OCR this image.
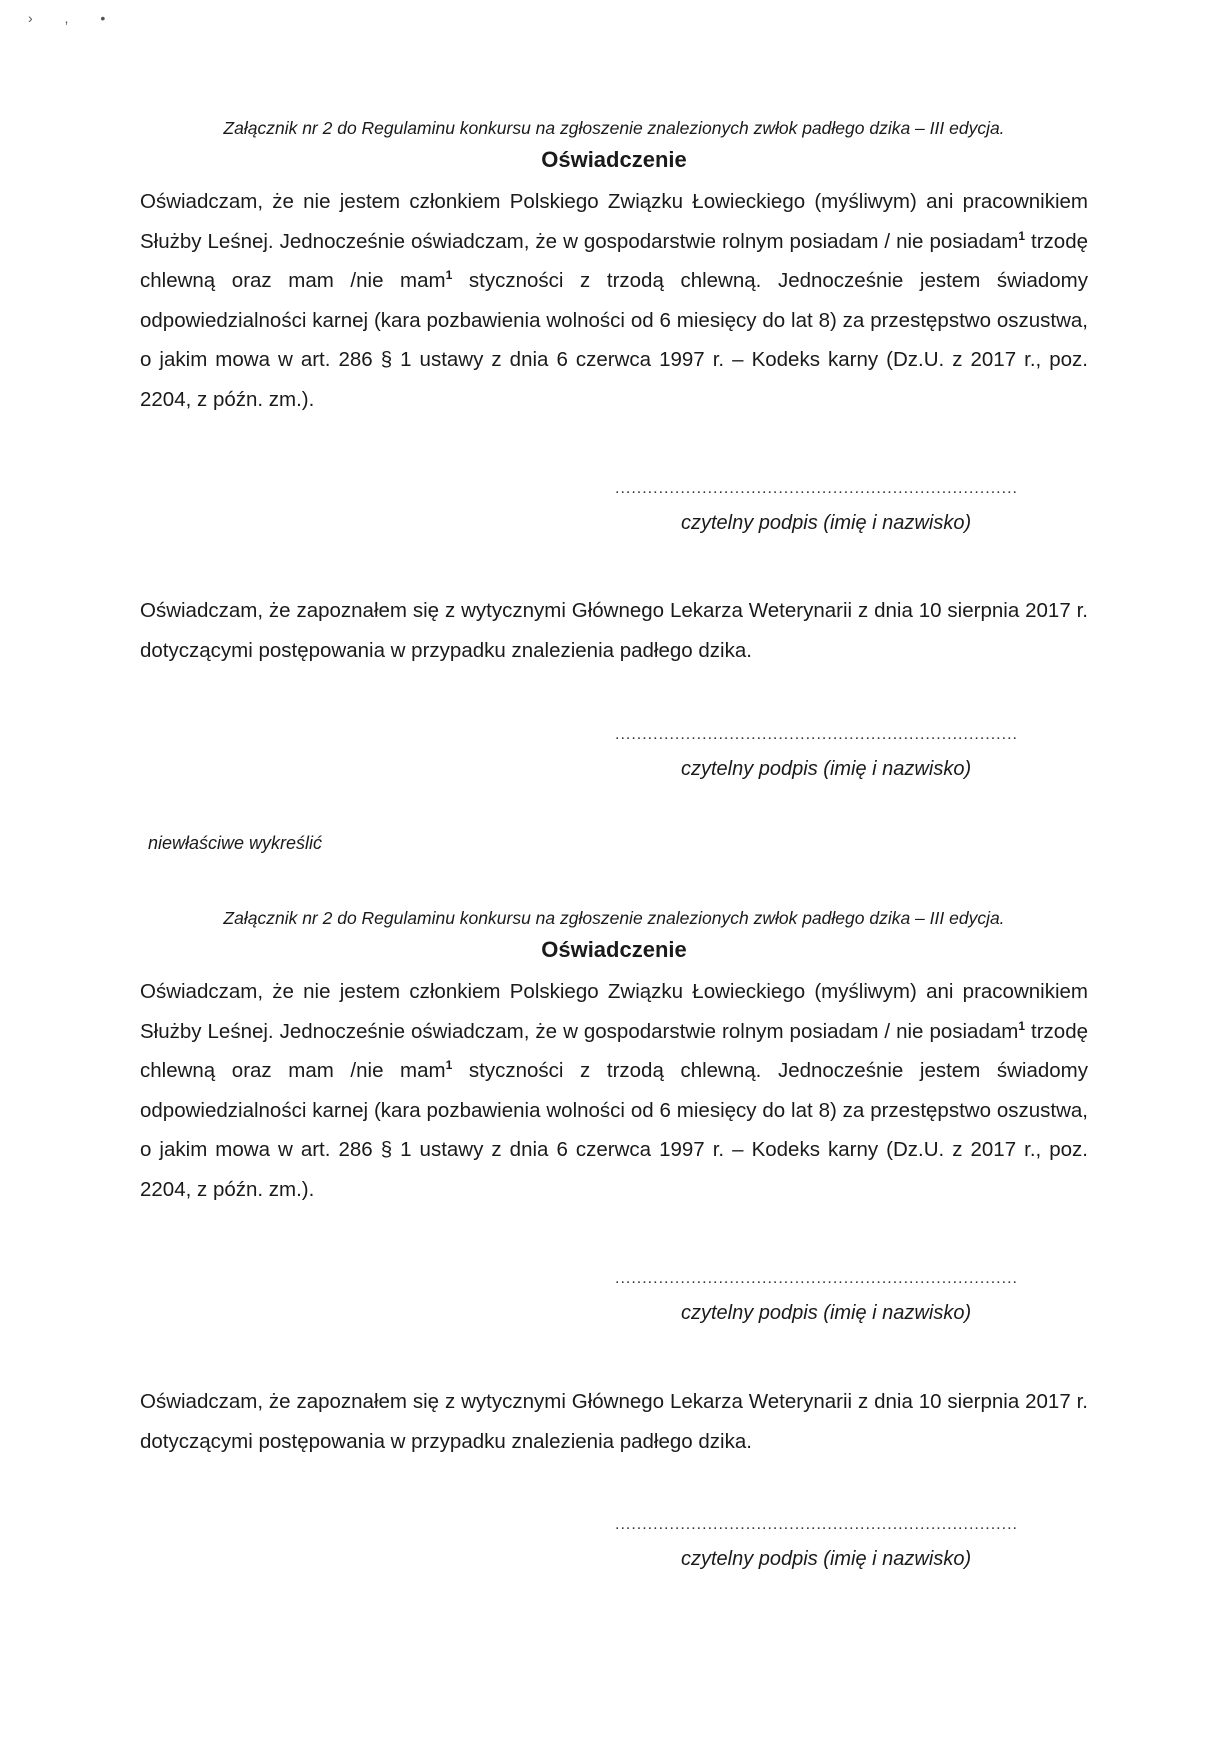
› , •

Załącznik nr 2 do Regulaminu konkursu na zgłoszenie znalezionych zwłok padłego dzika – III edycja.

Oświadczenie

Oświadczam, że nie jestem członkiem Polskiego Związku Łowieckiego (myśliwym) ani pracownikiem Służby Leśnej. Jednocześnie oświadczam, że w gospodarstwie rolnym posiadam / nie posiadam$^1$ trzodę chlewną oraz mam /nie mam$^1$ styczności z trzodą chlewną. Jednocześnie jestem świadomy odpowiedzialności karnej (kara pozbawienia wolności od 6 miesięcy do lat 8) za przestępstwo oszustwa, o jakim mowa w art. 286 § 1 ustawy z dnia 6 czerwca 1997 r. – Kodeks karny (Dz.U. z 2017 r., poz. 2204, z późn. zm.).

..........................................................................
czytelny podpis (imię i nazwisko)

Oświadczam, że zapoznałem się z wytycznymi Głównego Lekarza Weterynarii z dnia 10 sierpnia 2017 r. dotyczącymi postępowania w przypadku znalezienia padłego dzika.

..........................................................................
czytelny podpis (imię i nazwisko)
niewłaściwe wykreślić

Załącznik nr 2 do Regulaminu konkursu na zgłoszenie znalezionych zwłok padłego dzika – III edycja.

Oświadczenie

Oświadczam, że nie jestem członkiem Polskiego Związku Łowieckiego (myśliwym) ani pracownikiem Służby Leśnej. Jednocześnie oświadczam, że w gospodarstwie rolnym posiadam / nie posiadam$^1$ trzodę chlewną oraz mam /nie mam$^1$ styczności z trzodą chlewną. Jednocześnie jestem świadomy odpowiedzialności karnej (kara pozbawienia wolności od 6 miesięcy do lat 8) za przestępstwo oszustwa, o jakim mowa w art. 286 § 1 ustawy z dnia 6 czerwca 1997 r. – Kodeks karny (Dz.U. z 2017 r., poz. 2204, z późn. zm.).

..........................................................................
czytelny podpis (imię i nazwisko)

Oświadczam, że zapoznałem się z wytycznymi Głównego Lekarza Weterynarii z dnia 10 sierpnia 2017 r. dotyczącymi postępowania w przypadku znalezienia padłego dzika.

..........................................................................
czytelny podpis (imię i nazwisko)
